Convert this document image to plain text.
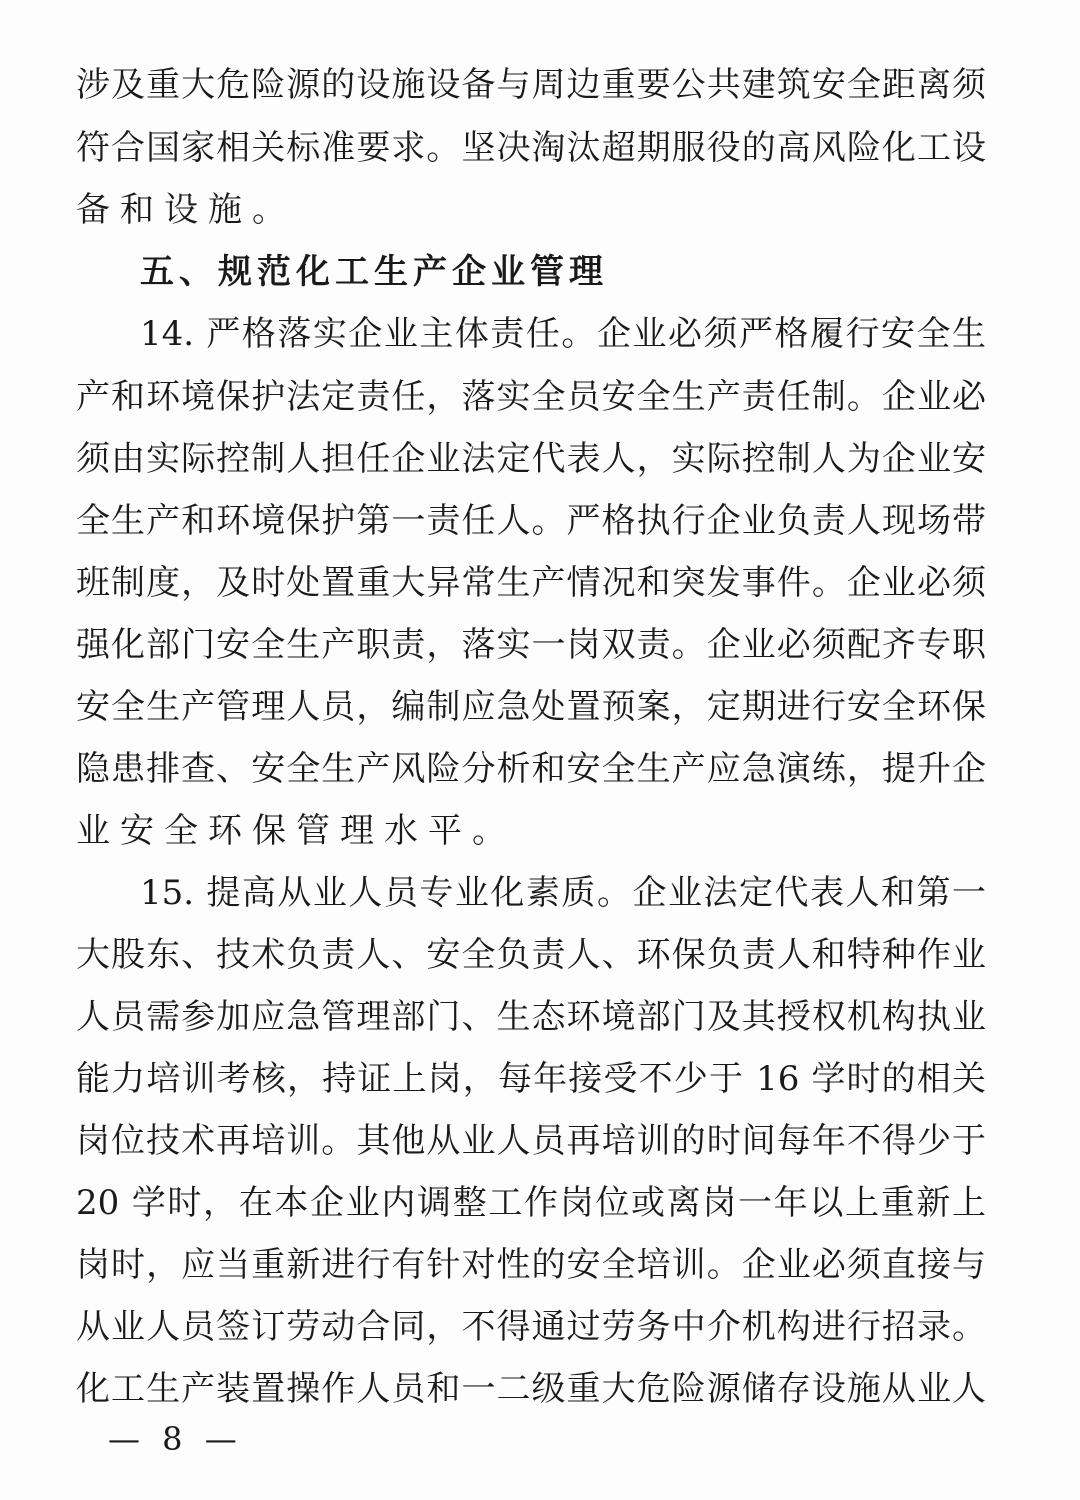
涉及重大危险源的设施设备与周边重要公共建筑安全距离须
符合国家相关标准要求。坚决淘汰超期服役的高风险化工设
备和设施。
五、规范化工生产企业管理
14. 严格落实企业主体责任。企业必须严格履行安全生
产和环境保护法定责任，落实全员安全生产责任制。企业必
须由实际控制人担任企业法定代表人，实际控制人为企业安
全生产和环境保护第一责任人。严格执行企业负责人现场带
班制度，及时处置重大异常生产情况和突发事件。企业必须
强化部门安全生产职责，落实一岗双责。企业必须配齐专职
安全生产管理人员，编制应急处置预案，定期进行安全环保
隐患排查、安全生产风险分析和安全生产应急演练，提升企
业安全环保管理水平。
15. 提高从业人员专业化素质。企业法定代表人和第一
大股东、技术负责人、安全负责人、环保负责人和特种作业
人员需参加应急管理部门、生态环境部门及其授权机构执业
能力培训考核，持证上岗，每年接受不少于 16 学时的相关
岗位技术再培训。其他从业人员再培训的时间每年不得少于
20 学时，在本企业内调整工作岗位或离岗一年以上重新上
岗时，应当重新进行有针对性的安全培训。企业必须直接与
从业人员签订劳动合同，不得通过劳务中介机构进行招录。
化工生产装置操作人员和一二级重大危险源储存设施从业人
— 8 —
